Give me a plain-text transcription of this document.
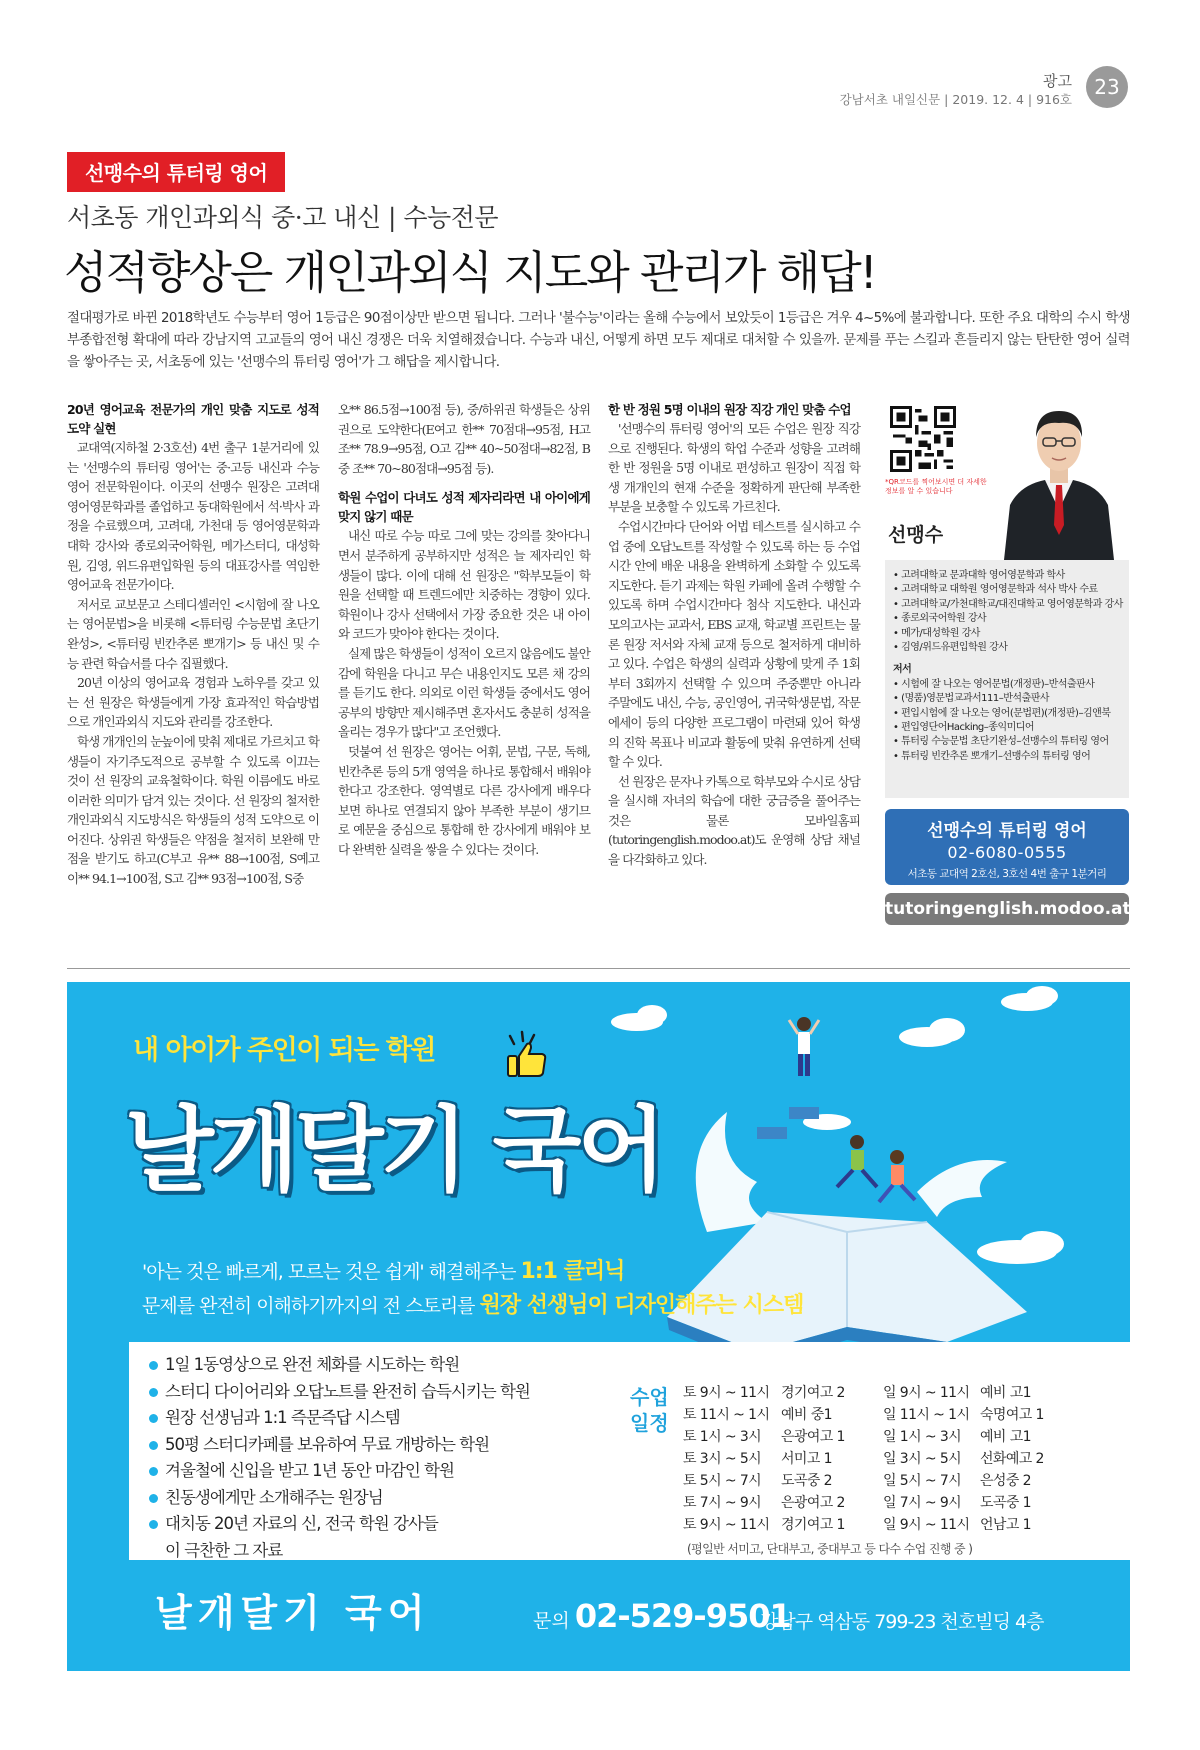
광고
강남서초 내일신문 | 2019. 12. 4 | 916호
23
선맹수의 튜터링 영어
서초동 개인과외식 중·고 내신 | 수능전문
성적향상은 개인과외식 지도와 관리가 해답!
절대평가로 바뀐 2018학년도 수능부터 영어 1등급은 90점이상만 받으면 됩니다. 그러나 '불수능'이라는 올해 수능에서 보았듯이 1등급은 겨우 4~5%에 불과합니다. 또한 주요 대학의 수시 학생부종합전형 확대에 따라 강남지역 고교들의 영어 내신 경쟁은 더욱 치열해졌습니다. 수능과 내신, 어떻게 하면 모두 제대로 대처할 수 있을까. 문제를 푸는 스킬과 흔들리지 않는 탄탄한 영어 실력을 쌓아주는 곳, 서초동에 있는 '선맹수의 튜터링 영어'가 그 해답을 제시합니다.
20년 영어교육 전문가의 개인 맞춤 지도로 성적 도약 실현

교대역(지하철 2·3호선) 4번 출구 1분거리에 있는 '선맹수의 튜터링 영어'는 중·고등 내신과 수능 영어 전문학원이다. 이곳의 선맹수 원장은 고려대 영어영문학과를 졸업하고 동대학원에서 석·박사 과정을 수료했으며, 고려대, 가천대 등 영어영문학과 대학 강사와 종로외국어학원, 메가스터디, 대성학원, 김영, 위드유편입학원 등의 대표강사를 역임한 영어교육 전문가이다.

저서로 교보문고 스테디셀러인 <시험에 잘 나오는 영어문법>을 비롯해 <튜터링 수능문법 초단기 완성>, <튜터링 빈칸추론 뽀개기> 등 내신 및 수능 관련 학습서를 다수 집필했다.

20년 이상의 영어교육 경험과 노하우를 갖고 있는 선 원장은 학생들에게 가장 효과적인 학습방법으로 개인과외식 지도와 관리를 강조한다.

학생 개개인의 눈높이에 맞춰 제대로 가르치고 학생들이 자기주도적으로 공부할 수 있도록 이끄는 것이 선 원장의 교육철학이다. 학원 이름에도 바로 이러한 의미가 담겨 있는 것이다. 선 원장의 철저한 개인과외식 지도방식은 학생들의 성적 도약으로 이어진다. 상위권 학생들은 약점을 철저히 보완해 만점을 받기도 하고(C부고 유** 88→100점, S예고 이** 94.1→100점, S고 김** 93점→100점, S중

오** 86.5점→100점 등), 중/하위권 학생들은 상위권으로 도약한다(E여고 한** 70점대→95점, H고 조** 78.9→95점, O고 김** 40~50점대→82점, B중 조** 70~80점대→95점 등).

학원 수업이 다녀도 성적 제자리라면 내 아이에게 맞지 않기 때문

내신 따로 수능 따로 그에 맞는 강의를 찾아다니면서 분주하게 공부하지만 성적은 늘 제자리인 학생들이 많다. 이에 대해 선 원장은 "학부모들이 학원을 선택할 때 트렌드에만 치중하는 경향이 있다. 학원이나 강사 선택에서 가장 중요한 것은 내 아이와 코드가 맞아야 한다는 것이다.

실제 많은 학생들이 성적이 오르지 않음에도 불안감에 학원을 다니고 무슨 내용인지도 모른 채 강의를 듣기도 한다. 의외로 이런 학생들 중에서도 영어공부의 방향만 제시해주면 혼자서도 충분히 성적을 올리는 경우가 많다"고 조언했다.

덧붙여 선 원장은 영어는 어휘, 문법, 구문, 독해, 빈칸추론 등의 5개 영역을 하나로 통합해서 배워야한다고 강조한다. 영역별로 다른 강사에게 배우다 보면 하나로 연결되지 않아 부족한 부분이 생기므로 예문을 중심으로 통합해 한 강사에게 배워야 보다 완벽한 실력을 쌓을 수 있다는 것이다.

한 반 정원 5명 이내의 원장 직강 개인 맞춤 수업

'선맹수의 튜터링 영어'의 모든 수업은 원장 직강으로 진행된다. 학생의 학업 수준과 성향을 고려해 한 반 정원을 5명 이내로 편성하고 원장이 직접 학생 개개인의 현재 수준을 정확하게 판단해 부족한 부분을 보충할 수 있도록 가르친다.

수업시간마다 단어와 어법 테스트를 실시하고 수업 중에 오답노트를 작성할 수 있도록 하는 등 수업시간 안에 배운 내용을 완벽하게 소화할 수 있도록 지도한다. 듣기 과제는 학원 카페에 올려 수행할 수 있도록 하며 수업시간마다 첨삭 지도한다. 내신과 모의고사는 교과서, EBS 교재, 학교별 프린트는 물론 원장 저서와 자체 교재 등으로 철저하게 대비하고 있다. 수업은 학생의 실력과 상황에 맞게 주 1회부터 3회까지 선택할 수 있으며 주중뿐만 아니라 주말에도 내신, 수능, 공인영어, 귀국학생문법, 작문에세이 등의 다양한 프로그램이 마련돼 있어 학생의 진학 목표나 비교과 활동에 맞춰 유연하게 선택할 수 있다.

선 원장은 문자나 카톡으로 학부모와 수시로 상담을 실시해 자녀의 학습에 대한 궁금증을 풀어주는 것은 물론 모바일홈피(tutoringenglish.modoo.at)도 운영해 상담 채널을 다각화하고 있다.

*QR코드를 찍어보시면 더 자세한 정보를 알 수 있습니다
선맹수
• 고려대학교 문과대학 영어영문학과 학사
• 고려대학교 대학원 영어영문학과 석사 박사 수료
• 고려대학교/가천대학교/대진대학교 영어영문학과 강사
• 종로외국어학원 강사
• 메가/대성학원 강사
• 김영/위드유편입학원 강사
저서
• 시험에 잘 나오는 영어문법(개정판)–반석출판사
• (명품)영문법교과서111–반석출판사
• 편입시험에 잘 나오는 영어(문법편)(개정판)–김앤북
• 편입영단어Hacking–종익미디어
• 튜터링 수능문법 초단기완성–선맹수의 튜터링 영어
• 튜터링 빈칸추론 뽀개기–선맹수의 튜터링 영어
선맹수의 튜터링 영어
02-6080-0555
서초동 교대역 2호선, 3호선 4번 출구 1분거리
tutoringenglish.modoo.at
내 아이가 주인이 되는 학원
날개달기 국어
'아는 것은 빠르게, 모르는 것은 쉽게' 해결해주는 1:1 클리닉
문제를 완전히 이해하기까지의 전 스토리를 원장 선생님이 디자인해주는 시스템
1일 1동영상으로 완전 체화를 시도하는 학원
스터디 다이어리와 오답노트를 완전히 습득시키는 학원
원장 선생님과 1:1 즉문즉답 시스템
50평 스터디카페를 보유하여 무료 개방하는 학원
겨울철에 신입을 받고 1년 동안 마감인 학원
친동생에게만 소개해주는 원장님
대치동 20년 자료의 신, 전국 학원 강사들이 극찬한 그 자료
수업 일정
토 9시 ~ 11시 경기여고 2	일 9시 ~ 11시 예비 고1
토 11시 ~ 1시 예비 중1	일 11시 ~ 1시 숙명여고 1
토 1시 ~ 3시 은광여고 1	일 1시 ~ 3시 예비 고1
토 3시 ~ 5시 서미고 1	일 3시 ~ 5시 선화예고 2
토 5시 ~ 7시 도곡중 2	일 5시 ~ 7시 은성중 2
토 7시 ~ 9시 은광여고 2	일 7시 ~ 9시 도곡중 1
토 9시 ~ 11시 경기여고 1	일 9시 ~ 11시 언남고 1
(평일반 서미고, 단대부고, 중대부고 등 다수 수업 진행 중 )
날개달기 국어	문의 02-529-9501
강남구 역삼동 799-23 천호빌딩 4층
